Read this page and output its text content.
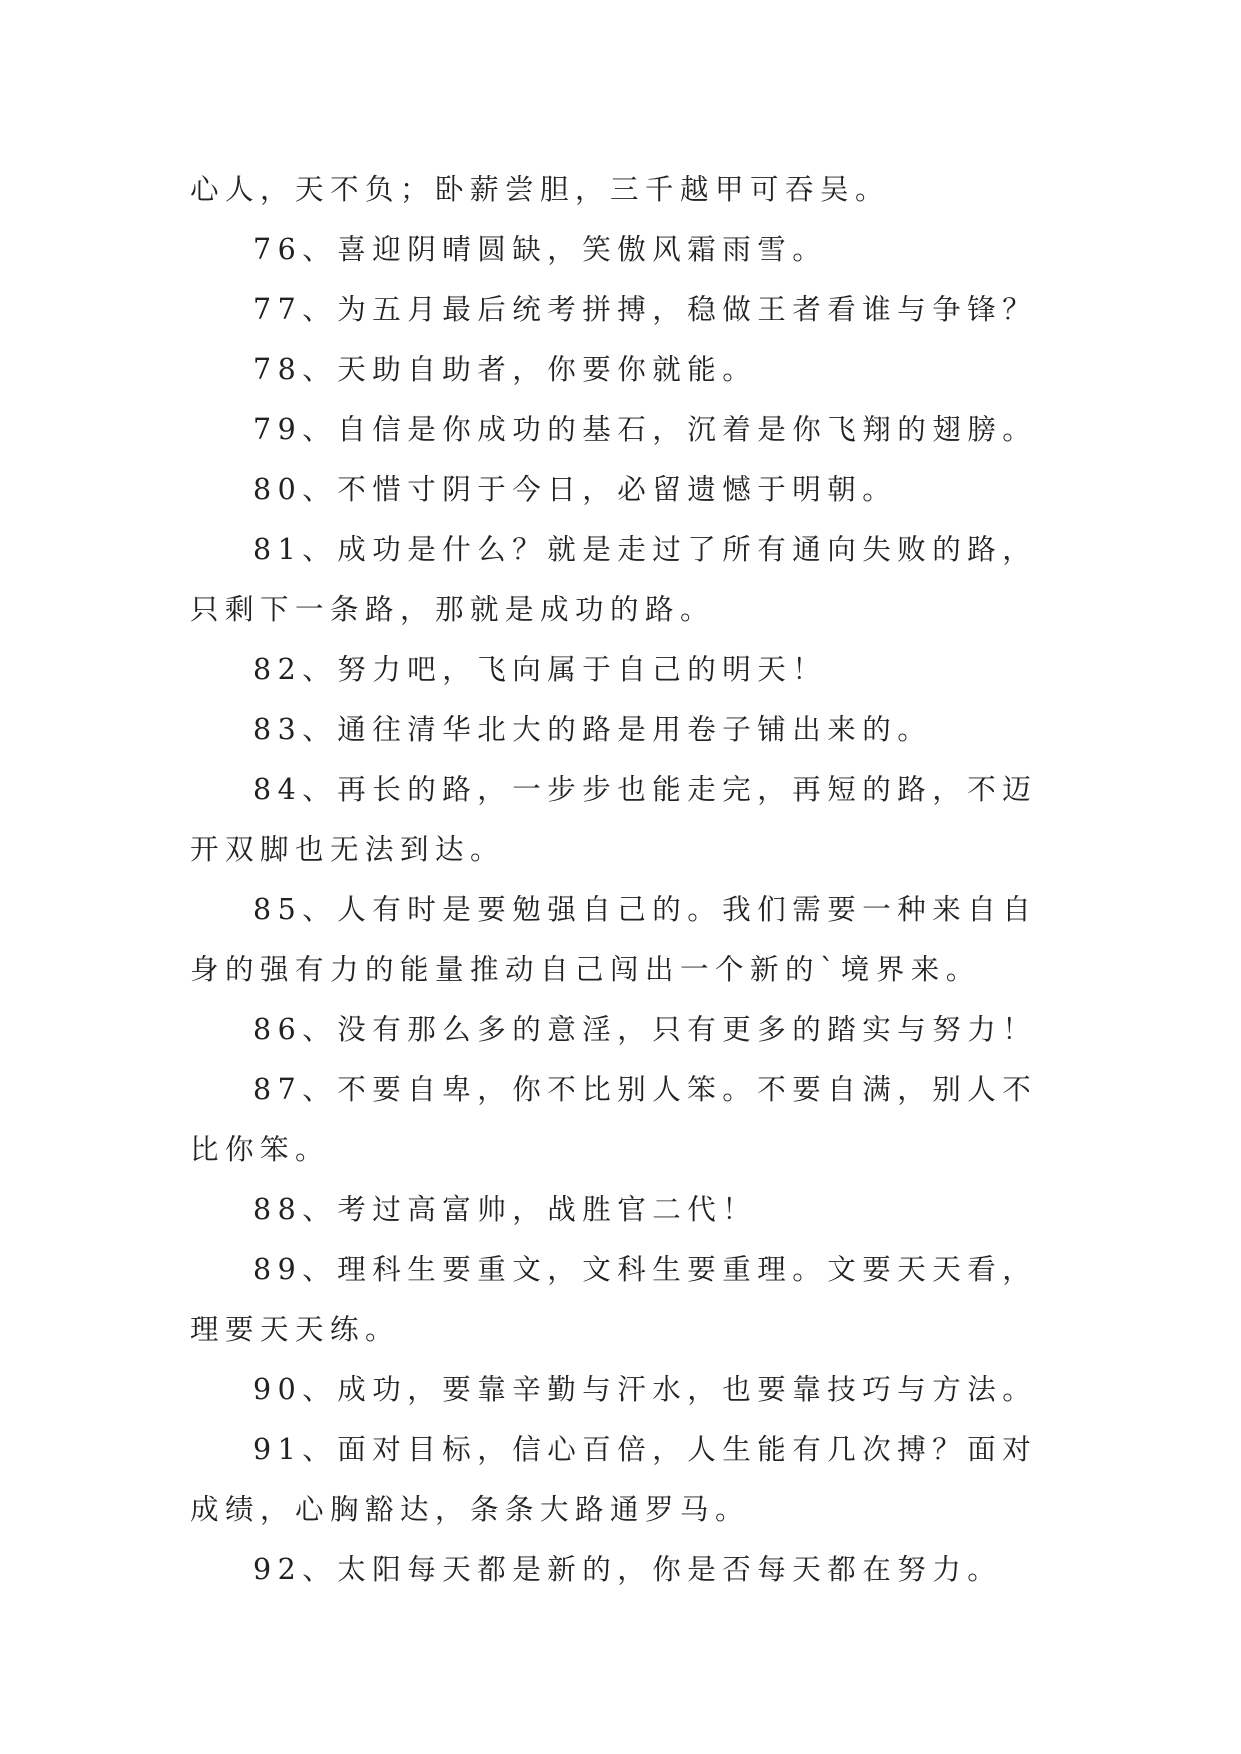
心人，天不负；卧薪尝胆，三千越甲可吞吴。

76、喜迎阴晴圆缺，笑傲风霜雨雪。

77、为五月最后统考拼搏，稳做王者看谁与争锋？

78、天助自助者，你要你就能。

79、自信是你成功的基石，沉着是你飞翔的翅膀。

80、不惜寸阴于今日，必留遗憾于明朝。

81、成功是什么？就是走过了所有通向失败的路，只剩下一条路，那就是成功的路。

82、努力吧，飞向属于自己的明天！

83、通往清华北大的路是用卷子铺出来的。

84、再长的路，一步步也能走完，再短的路，不迈开双脚也无法到达。

85、人有时是要勉强自己的。我们需要一种来自自身的强有力的能量推动自己闯出一个新的`境界来。

86、没有那么多的意淫，只有更多的踏实与努力！

87、不要自卑，你不比别人笨。不要自满，别人不比你笨。

88、考过高富帅，战胜官二代！

89、理科生要重文，文科生要重理。文要天天看，理要天天练。

90、成功，要靠辛勤与汗水，也要靠技巧与方法。

91、面对目标，信心百倍，人生能有几次搏？面对成绩，心胸豁达，条条大路通罗马。

92、太阳每天都是新的，你是否每天都在努力。
